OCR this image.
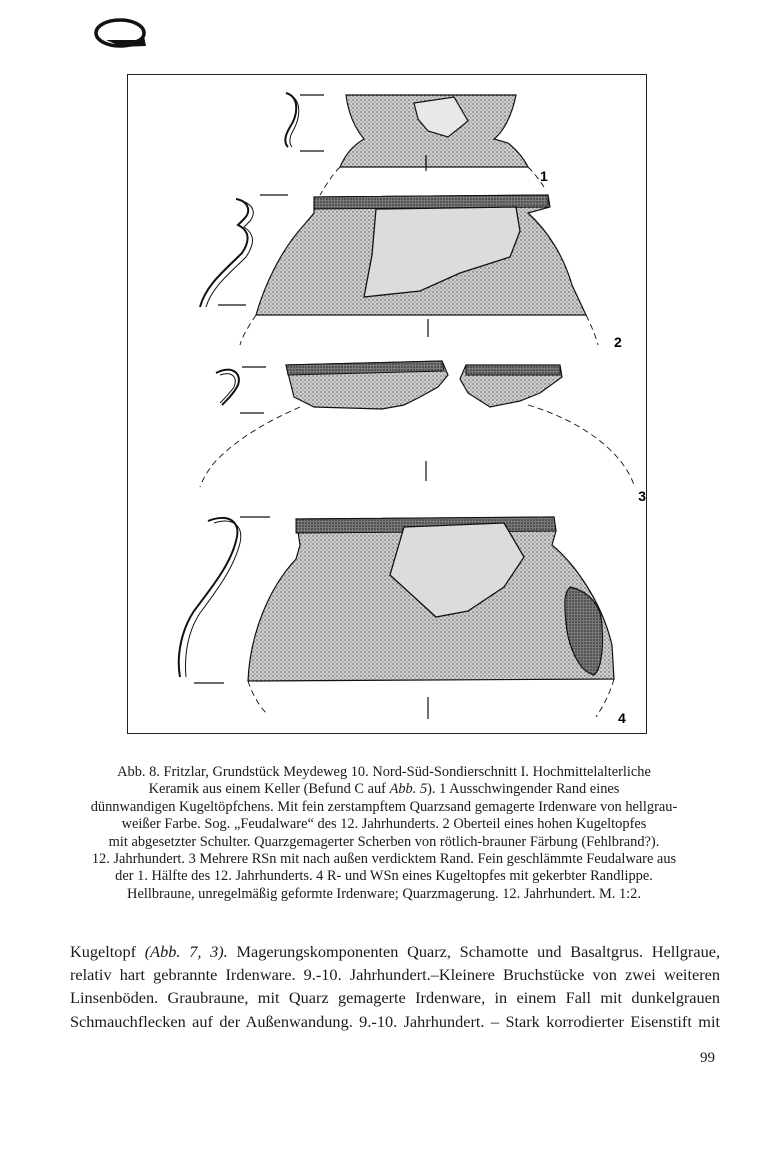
1
2
3
4
Abb. 8. Fritzlar, Grundstück Meydeweg 10. Nord-Süd-Sondierschnitt I. Hochmittelalterliche
Keramik aus einem Keller (Befund C auf Abb. 5). 1 Ausschwingender Rand eines
dünnwandigen Kugeltöpfchens. Mit fein zerstampftem Quarzsand gemagerte Irdenware von hellgrau-
weißer Farbe. Sog. „Feudalware“ des 12. Jahrhunderts. 2 Oberteil eines hohen Kugeltopfes
mit abgesetzter Schulter. Quarzgemagerter Scherben von rötlich-brauner Färbung (Fehlbrand?).
12. Jahrhundert. 3 Mehrere RSn mit nach außen verdicktem Rand. Fein geschlämmte Feudalware aus
der 1. Hälfte des 12. Jahrhunderts. 4 R- und WSn eines Kugeltopfes mit gekerbter Randlippe.
Hellbraune, unregelmäßig geformte Irdenware; Quarzmagerung. 12. Jahrhundert. M. 1:2.
Kugeltopf (Abb. 7, 3). Magerungskomponenten Quarz, Schamotte und Basaltgrus. Hellgraue,
relativ hart gebrannte Irdenware. 9.-10. Jahrhundert.–Kleinere Bruchstücke von zwei weiteren
Linsenböden. Graubraune, mit Quarz gemagerte Irdenware, in einem Fall mit dunkelgrauen
Schmauchflecken auf der Außenwandung. 9.-10. Jahrhundert. – Stark korrodierter Eisenstift mit
99
